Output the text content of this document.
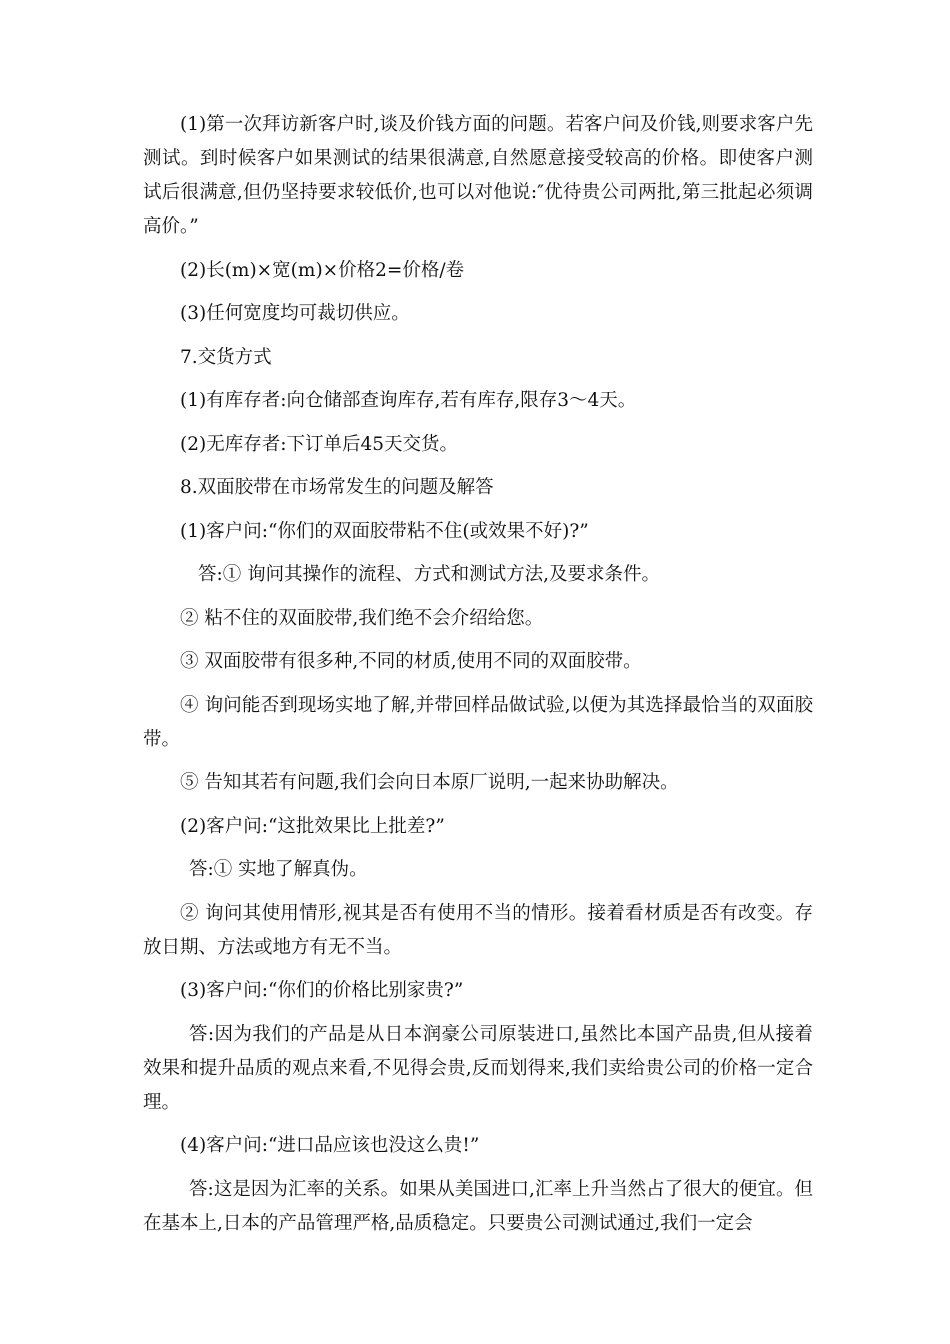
(1)第一次拜访新客户时,谈及价钱方面的问题。若客户问及价钱,则要求客户先测试。到时候客户如果测试的结果很满意,自然愿意接受较高的价格。即使客户测试后很满意,但仍坚持要求较低价,也可以对他说:″优待贵公司两批,第三批起必须调高价。”

(2)长(m)×宽(m)×价格2=价格/卷

(3)任何宽度均可裁切供应。

7.交货方式

(1)有库存者:向仓储部查询库存,若有库存,限存3～4天。

(2)无库存者:下订单后45天交货。

8.双面胶带在市场常发生的问题及解答

(1)客户问:“你们的双面胶带粘不住(或效果不好)?”

答:① 询问其操作的流程、方式和测试方法,及要求条件。

② 粘不住的双面胶带,我们绝不会介绍给您。

③ 双面胶带有很多种,不同的材质,使用不同的双面胶带。

④ 询问能否到现场实地了解,并带回样品做试验,以便为其选择最恰当的双面胶带。

⑤ 告知其若有问题,我们会向日本原厂说明,一起来协助解决。

(2)客户问:“这批效果比上批差?”

答:① 实地了解真伪。

② 询问其使用情形,视其是否有使用不当的情形。接着看材质是否有改变。存放日期、方法或地方有无不当。

(3)客户问:“你们的价格比别家贵?”

答:因为我们的产品是从日本润豪公司原装进口,虽然比本国产品贵,但从接着效果和提升品质的观点来看,不见得会贵,反而划得来,我们卖给贵公司的价格一定合理。

(4)客户问:“进口品应该也没这么贵!”

答:这是因为汇率的关系。如果从美国进口,汇率上升当然占了很大的便宜。但在基本上,日本的产品管理严格,品质稳定。只要贵公司测试通过,我们一定会
